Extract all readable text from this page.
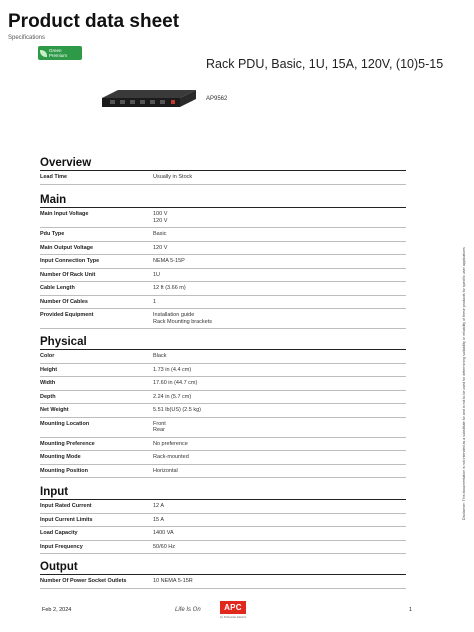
Product data sheet
Specifications
Green
Premium
Rack PDU, Basic, 1U, 15A, 120V, (10)5-15
AP9562
Overview
Lead Time	Usually in Stock
Main
Main Input Voltage	100 V
120 V
Pdu Type	Basic
Main Output Voltage	120 V
Input Connection Type	NEMA 5-15P
Number Of Rack Unit	1U
Cable Length	12 ft (3.66 m)
Number Of Cables	1
Provided Equipment	Installation guide
Rack Mounting brackets
Physical
Color	Black
Height	1.73 in (4.4 cm)
Width	17.60 in (44.7 cm)
Depth	2.24 in (5.7 cm)
Net Weight	5.51 lb(US) (2.5 kg)
Mounting Location	Front
Rear
Mounting Preference	No preference
Mounting Mode	Rack-mounted
Mounting Position	Horizontal
Input
Input Rated Current	12 A
Input Current Limits	15 A
Load Capacity	1400 VA
Input Frequency	50/60 Hz
Output
Number Of Power Socket Outlets	10 NEMA 5-15R
Disclaimer: This documentation is not intended as a substitute for and is not to be used for determining suitability or reliability of these products for specific user applications
Feb 2, 2024	Life Is On	APC
by Schneider Electric
1
